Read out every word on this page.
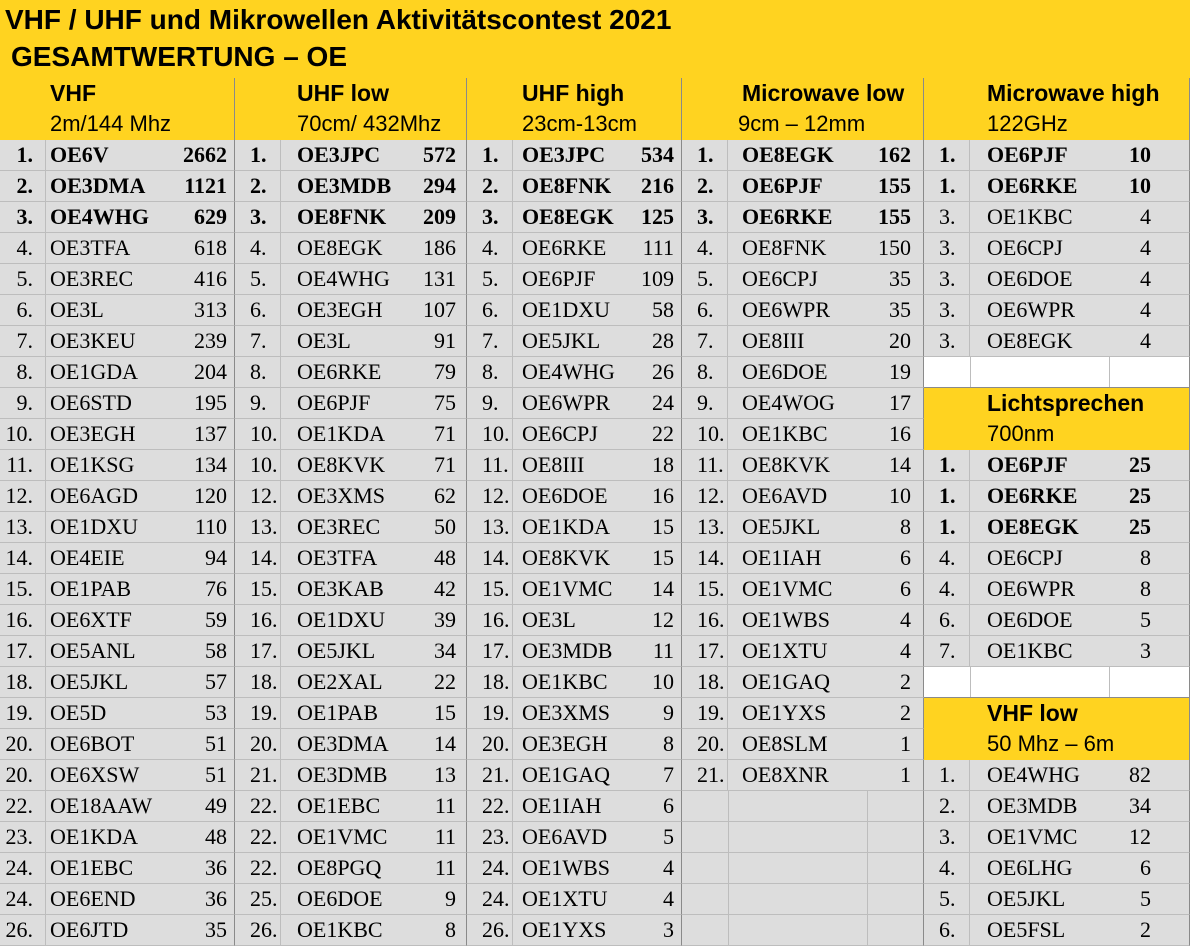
VHF / UHF und Mikrowellen Aktivitätscontest 2021
GESAMTWERTUNG – OE
VHF
2m/144 Mhz
1. OE6V	2662
2. OE3DMA 1121
3. OE4WHG 629
4. OE3TFA	618
5. OE3REC	416
6. OE3L	313
7. OE3KEU	239
8. OE1GDA	204
9. OE6STD	195
10. OE3EGH	137
11. OE1KSG	134
12. OE6AGD	120
13. OE1DXU	110
14. OE4EIE	94
15. OE1PAB	76
16. OE6XTF	59
17. OE5ANL	58
18. OE5JKL	57
19. OE5D	53
20. OE6BOT	51
20. OE6XSW	51
22. OE18AAW 49
23. OE1KDA	48
24. OE1EBC	36
24. OE6END	36
26. OE6JTD	35
UHF low
70cm/ 432Mhz
1.	OE3JPC 572
2.	OE3MDB 294
3.	OE8FNK 209
4.	OE8EGK 186
5.	OE4WHG 131
6.	OE3EGH 107
7.	OE3L	91
8.	OE6RKE 79
9.	OE6PJF	75
10. OE1KDA 71
10. OE8KVK 71
12. OE3XMS 62
13. OE3REC 50
14. OE3TFA	48
15. OE3KAB 42
16. OE1DXU 39
17. OE5JKL	34
18. OE2XAL 22
19. OE1PAB	15
20. OE3DMA 14
21. OE3DMB 13
22. OE1EBC 11
22. OE1VMC 11
22. OE8PGQ 11
25. OE6DOE	9
26. OE1KBC	8
UHF high
23cm-13cm
1.	OE3JPC 534
2.	OE8FNK 216
3.	OE8EGK 125
4.	OE6RKE 111
5.	OE6PJF 109
6.	OE1DXU 58
7.	OE5JKL 28
8.	OE4WHG 26
9.	OE6WPR 24
10. OE6CPJ 22
11. OE8III	18
12. OE6DOE 16
13. OE1KDA 15
14. OE8KVK 15
15. OE1VMC 14
16. OE3L	12
17. OE3MDB 11
18. OE1KBC 10
19. OE3XMS 9
20. OE3EGH	8
21. OE1GAQ 7
22. OE1IAH	6
23. OE6AVD	5
24. OE1WBS 4
24. OE1XTU	4
26. OE1YXS	3
Microwave low
9cm – 12mm
1.	OE8EGK 162
2.	OE6PJF	155
3.	OE6RKE 155
4.	OE8FNK 150
5.	OE6CPJ	35
6.	OE6WPR	35
7.	OE8III	20
8.	OE6DOE	19
9.	OE4WOG 17
10. OE1KBC	16
11. OE8KVK	14
12. OE6AVD	10
13. OE5JKL	8
14. OE1IAH	6
15. OE1VMC	6
16. OE1WBS	4
17. OE1XTU	4
18. OE1GAQ	2
19. OE1YXS	2
20. OE8SLM	1
21. OE8XNR	1
Microwave high
122GHz
1.	OE6PJF	10
1.	OE6RKE 10
3.	OE1KBC	4
3.	OE6CPJ	4
3.	OE6DOE	4
3.	OE6WPR	4
3.	OE8EGK	4
Lichtsprechen
700nm
1.	OE6PJF	25
1.	OE6RKE 25
1.	OE8EGK 25
4.	OE6CPJ	8
4.	OE6WPR	8
6.	OE6DOE	5
7.	OE1KBC	3
VHF low
50 Mhz – 6m
1.	OE4WHG 82
2.	OE3MDB 34
3.	OE1VMC 12
4.	OE6LHG	6
5.	OE5JKL	5
6.	OE5FSL	2
